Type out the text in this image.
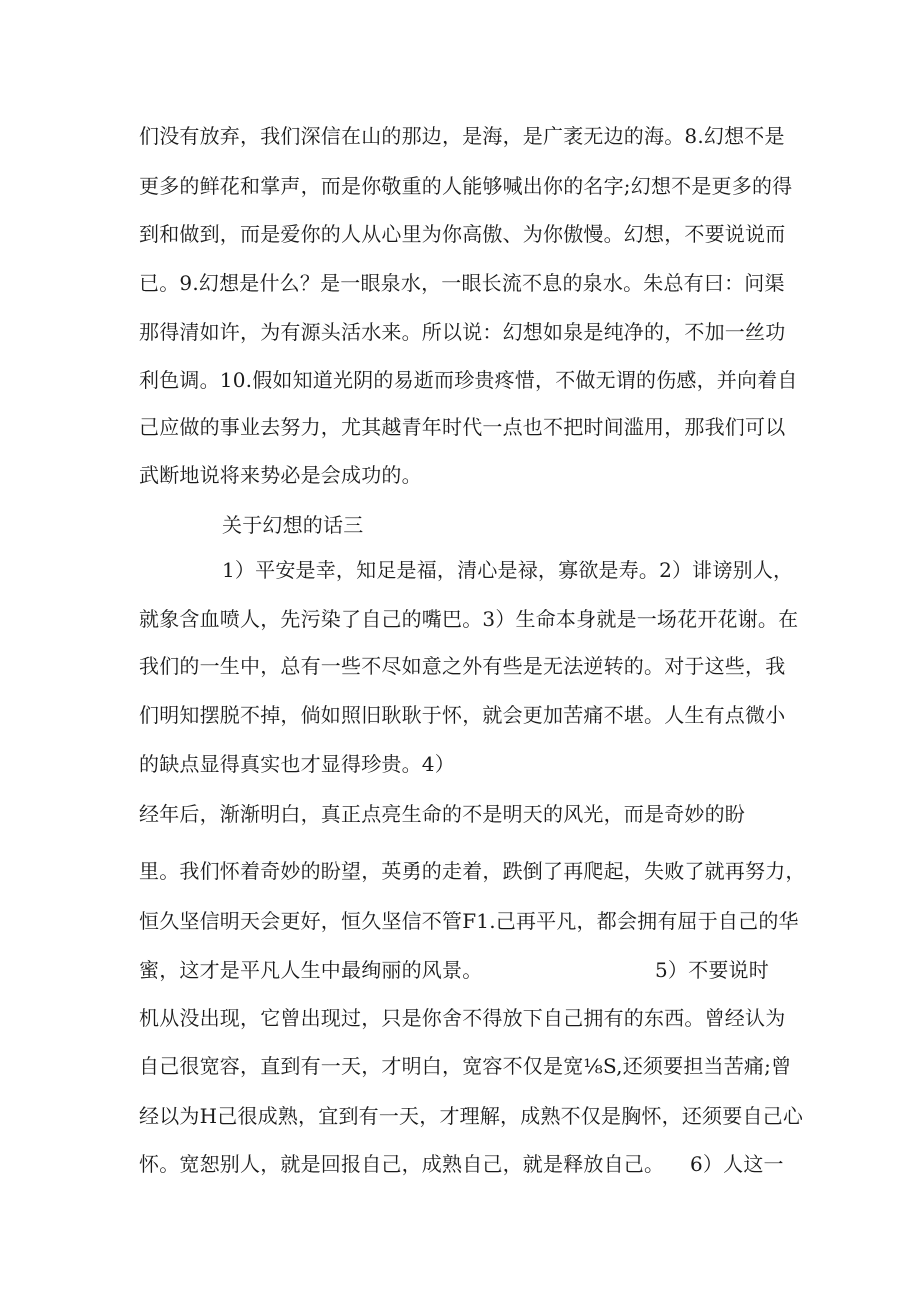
们没有放弃，我们深信在山的那边，是海，是广袤无边的海。8.幻想不是
更多的鲜花和掌声，而是你敬重的人能够喊出你的名字;幻想不是更多的得
到和做到，而是爱你的人从心里为你高傲、为你傲慢。幻想，不要说说而
已。9.幻想是什么？是一眼泉水，一眼长流不息的泉水。朱总有曰：问渠
那得清如许，为有源头活水来。所以说：幻想如泉是纯净的，不加一丝功
利色调。10.假如知道光阴的易逝而珍贵疼惜，不做无谓的伤感，并向着自
己应做的事业去努力，尤其越青年时代一点也不把时间滥用，那我们可以
武断地说将来势必是会成功的。
关于幻想的话三
1）平安是幸，知足是福，清心是禄，寡欲是寿。2）诽谤别人，
就象含血喷人，先污染了自己的嘴巴。3）生命本身就是一场花开花谢。在
我们的一生中，总有一些不尽如意之外有些是无法逆转的。对于这些，我
们明知摆脱不掉，倘如照旧耿耿于怀，就会更加苦痛不堪。人生有点微小
的缺点显得真实也才显得珍贵。4）
经年后，渐渐明白，真正点亮生命的不是明天的风光，而是奇妙的盼
里。我们怀着奇妙的盼望，英勇的走着，跌倒了再爬起，失败了就再努力，
恒久坚信明天会更好，恒久坚信不管F1.己再平凡，都会拥有屈于自己的华
蜜，这才是平凡人生中最绚丽的风景。	5）不要说时
机从没出现，它曾出现过，只是你舍不得放下自己拥有的东西。曾经认为
自己很宽容，直到有一天，才明白，宽容不仅是宽⅛S,还须要担当苦痛;曾
经以为H己很成熟，宜到有一天，才理解，成熟不仅是胸怀，还须要自己心
怀。宽恕别人，就是回报自己，成熟自己，就是释放自己。 6）人这一
